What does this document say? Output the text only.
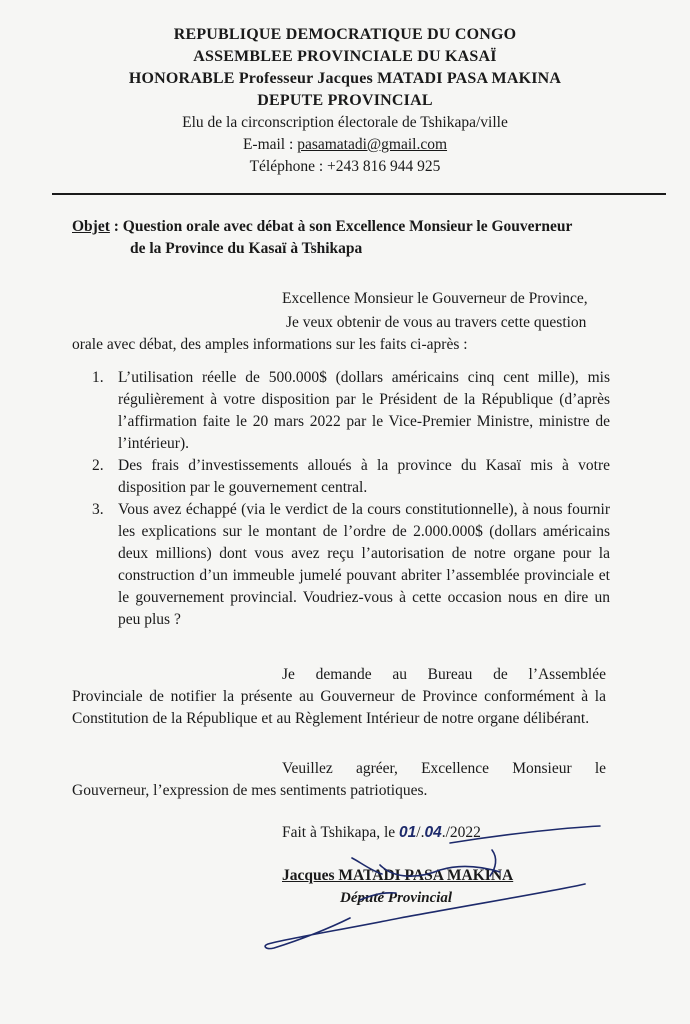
REPUBLIQUE DEMOCRATIQUE DU CONGO
ASSEMBLEE PROVINCIALE DU KASAÏ
HONORABLE Professeur Jacques MATADI PASA MAKINA
DEPUTE PROVINCIAL
Elu de la circonscription électorale de Tshikapa/ville
E-mail : pasamatadi@gmail.com
Téléphone : +243 816 944 925
Objet : Question orale avec débat à son Excellence Monsieur le Gouverneur
de la Province du Kasaï à Tshikapa
Excellence Monsieur le Gouverneur de Province,
Je veux obtenir de vous au travers cette question
orale avec débat, des amples informations sur les faits ci-après :
1. L’utilisation réelle de 500.000$ (dollars américains cinq cent mille), mis régulièrement à votre disposition par le Président de la République (d’après l’affirmation faite le 20 mars 2022 par le Vice-Premier Ministre, ministre de l’intérieur).
2. Des frais d’investissements alloués à la province du Kasaï mis à votre disposition par le gouvernement central.
3. Vous avez échappé (via le verdict de la cours constitutionnelle), à nous fournir les explications sur le montant de l’ordre de 2.000.000$ (dollars américains deux millions) dont vous avez reçu l’autorisation de notre organe pour la construction d’un immeuble jumelé pouvant abriter l’assemblée provinciale et le gouvernement provincial. Voudriez-vous à cette occasion nous en dire un peu plus ?
Je demande au Bureau de l’Assemblée
Provinciale de notifier la présente au Gouverneur de Province conformément à la Constitution de la République et au Règlement Intérieur de notre organe délibérant.
Veuillez agréer, Excellence Monsieur le
Gouverneur, l’expression de mes sentiments patriotiques.
Fait à Tshikapa, le 01/.04./2022
Jacques MATADI PASA MAKINA
Député Provincial
